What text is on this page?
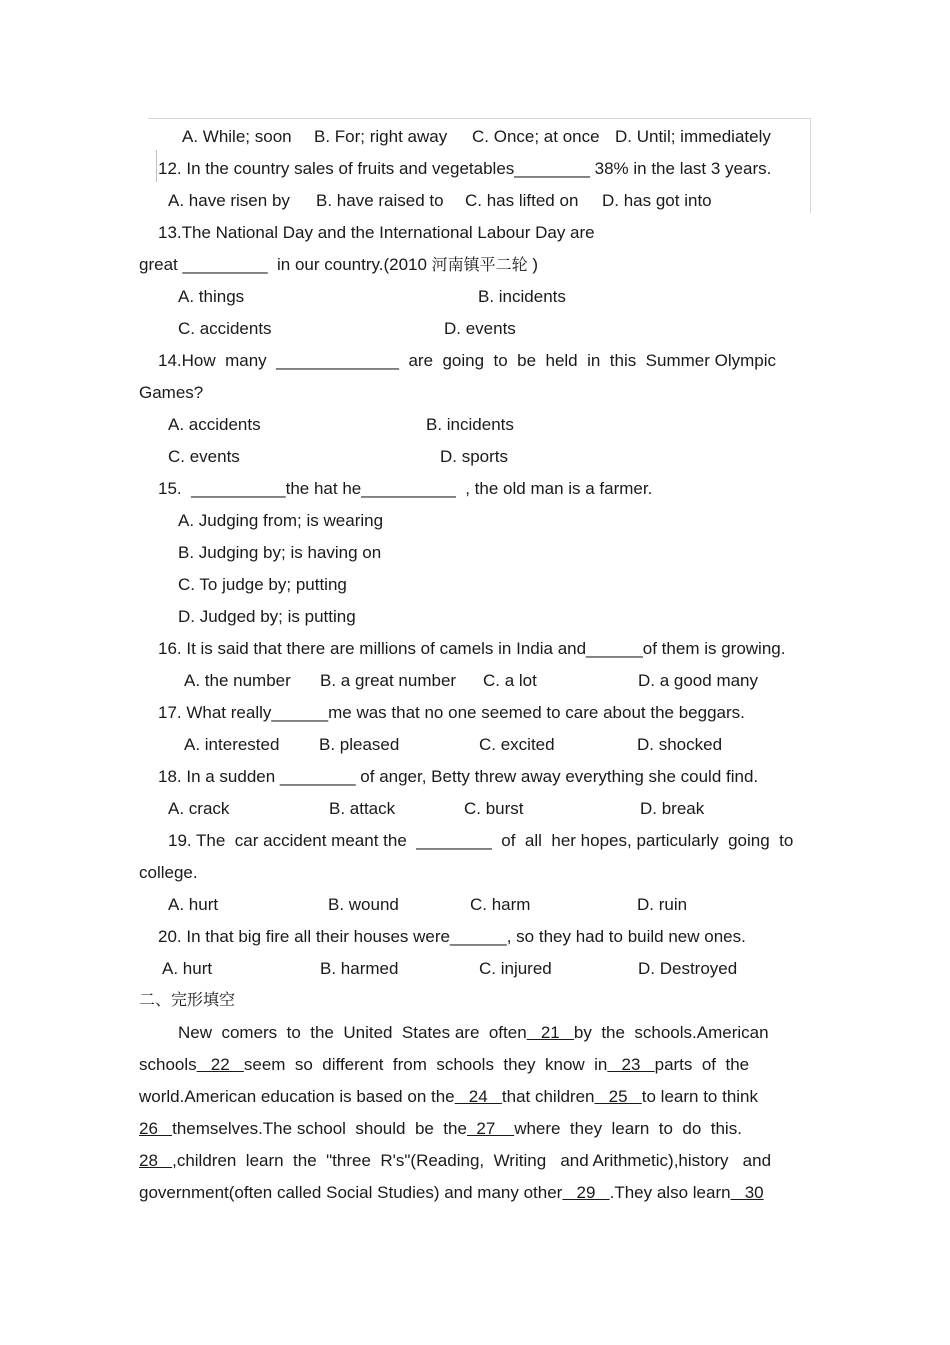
A. While; soon B. For; right away C. Once; at once D. Until; immediately
12. In the country sales of fruits and vegetables________ 38% in the last 3 years.
A. have risen by B. have raised to C. has lifted on D. has got into
13.The National Day and the International Labour Day are
great _________  in our country.(2010 河南镇平二轮 )
A. things	B. incidents
C. accidents	D. events
14.How  many  _____________  are  going  to  be  held  in  this  Summer Olympic
Games?
A. accidents	B. incidents
C. events	D. sports
15.  __________the hat he__________  , the old man is a farmer.
A. Judging from; is wearing
B. Judging by; is having on
C. To judge by; putting
D. Judged by; is putting
16. It is said that there are millions of camels in India and______of them is growing.
A. the number B. a great number C. a lot	D. a good many
17. What really______me was that no one seemed to care about the beggars.
A. interested B. pleased	C. excited	D. shocked
18. In a sudden ________ of anger, Betty threw away everything she could find.
A. crack	B. attack	C. burst	D. break
19. The  car accident meant the  ________  of  all  her hopes, particularly  going  to
college.
A. hurt	B. wound	C. harm	D. ruin
20. In that big fire all their houses were______, so they had to build new ones.
A. hurt	B. harmed	C. injured	D. Destroyed
二、完形填空
New  comers  to  the  United  States are  often   21   by  the  schools.American
schools   22   seem  so  different  from  schools  they  know  in   23   parts  of  the
world.American education is based on the   24   that children   25   to learn to think
26   themselves.The school  should  be  the  27    where  they  learn  to  do  this.
28   ,children  learn  the  "three  R's"(Reading,  Writing   and Arithmetic),history   and
government(often called Social Studies) and many other   29   .They also learn   30
